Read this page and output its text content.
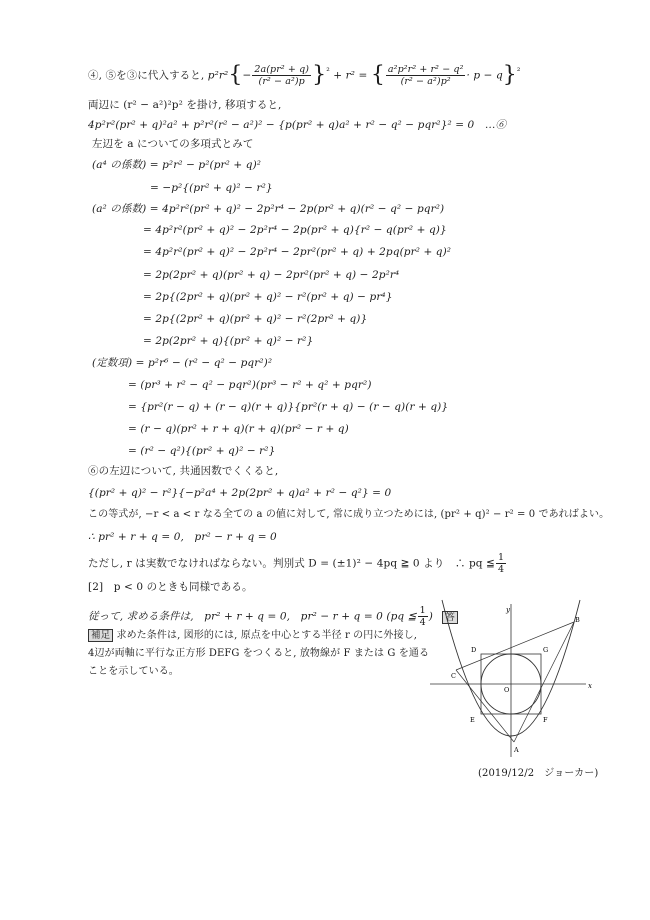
④, ⑤を③に代入すると, $p^2r^2\{- \frac{\text{2a(pr² + q)}}{\text{(r² − a²)p}} \}^{^2} + r^2$ = { $\frac{\text{a²p²r² + r² − q²}}{\text{(r² − a²)p²}} \cdot p - q\}^{^2}$
両辺に (r² − a²)²p² を掛け, 移項すると,
4p²r²(pr² + q)²a² + p²r²(r² − a²)² − {p(pr² + q)a² + r² − q² − pqr²}² = 0　…⑥
左辺を a についての多項式とみて
(a⁴ の係数) = p²r² − p²(pr² + q)²
= −p²{(pr² + q)² − r²}
(a² の係数) = 4p²r²(pr² + q)² − 2p²r⁴ − 2p(pr² + q)(r² − q² − pqr²)
= 4p²r²(pr² + q)² − 2p²r⁴ − 2p(pr² + q){r² − q(pr² + q)}
= 4p²r²(pr² + q)² − 2p²r⁴ − 2pr²(pr² + q) + 2pq(pr² + q)²
= 2p(2pr² + q)(pr² + q) − 2pr²(pr² + q) − 2p²r⁴
= 2p{(2pr² + q)(pr² + q)² − r²(pr² + q) − pr⁴}
= 2p{(2pr² + q)(pr² + q)² − r²(2pr² + q)}
= 2p(2pr² + q){(pr² + q)² − r²}
(定数項) = p²r⁶ − (r² − q² − pqr²)²
= (pr³ + r² − q² − pqr²)(pr³ − r² + q² + pqr²)
= {pr²(r − q) + (r − q)(r + q)}{pr²(r + q) − (r − q)(r + q)}
= (r − q)(pr² + r + q)(r + q)(pr² − r + q)
= (r² − q²){(pr² + q)² − r²}
⑥の左辺について, 共通因数でくくると,
{(pr² + q)² − r²}{−p²a⁴ + 2p(2pr² + q)a² + r² − q²} = 0
この等式が, −r < a < r なる全ての a の値に対して, 常に成り立つためには, (pr² + q)² − r² = 0 であればよい。
∴ pr² + r + q = 0,　pr² − r + q = 0
ただし, r は実数でなければならない。判別式 D = (±1)² − 4pq ≧ 0 より　∴ pq ≦ $\frac{1}{4}$
[2]　p < 0 のときも同様である。
従って, 求める条件は,　pr² + r + q = 0,　pr² − r + q = 0 (pq ≦ $\frac{1}{4}$ ) 答
補足 求めた条件は, 図形的には, 原点を中心とする半径 r の円に外接し,
4辺が両軸に平行な正方形 DEFG をつくると, 放物線が F または G を通る
ことを示している。
y
x
O
B
C
D
E	F
G
A
(2019/12/2　ジョーカー)
